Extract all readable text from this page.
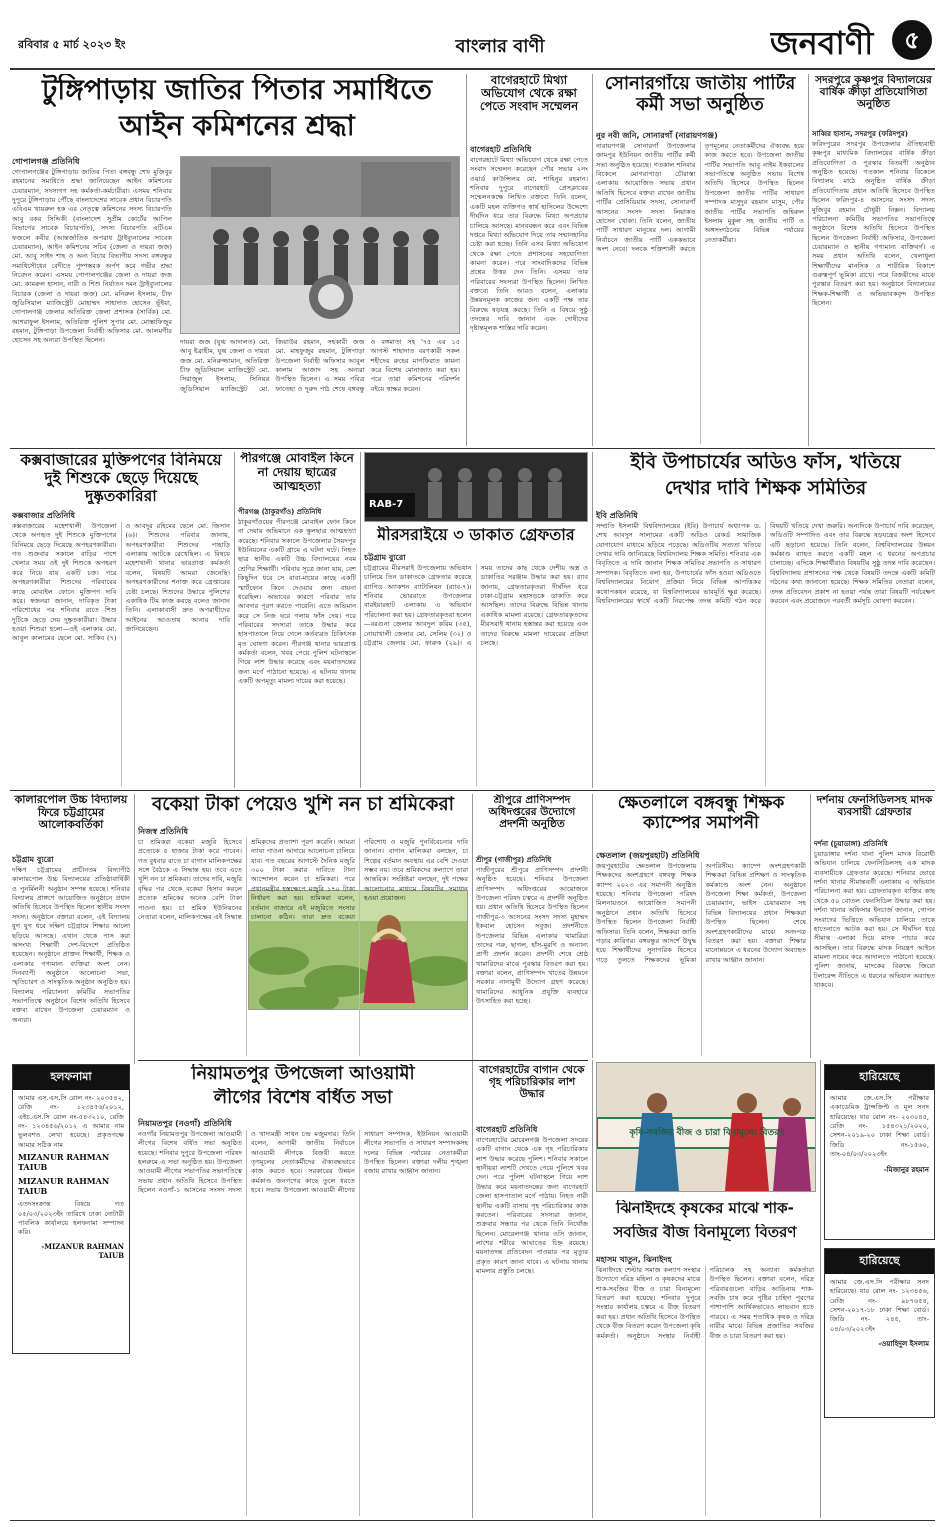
রবিবার ৫ মার্চ ২০২৩ ইং	বাংলার বাণী	জনবাণী	৫
টুঙ্গিপাড়ায় জাতির পিতার সমাধিতে
আইন কমিশনের শ্রদ্ধা
গোপালগঞ্জ প্রতিনিধি
গোপালগঞ্জের টুঙ্গিপাড়ায় জাতির পিতা বঙ্গবন্ধু শেখ মুজিবুর রহমানের সমাধিতে শ্রদ্ধা জানিয়েছেন আইন কমিশনের চেয়ারম্যান, সদস্যগণ সহ কর্মকর্তা-কর্মচারীরা। এসময় শনিবার দুপুরে টুঙ্গিপাড়ায় পৌঁছে বাংলাদেশের সাবেক প্রধান বিচারপতি এবিএম খায়রুল হক এর নেতৃত্বে কমিশনের সদস্য বিচারপতি আবু বকর সিদ্দিকী (বাংলাদেশ সুপ্রীম কোর্টের আপিল বিভাগের সাবেক বিচারপতি), সদস্য বিচারপতি এটিএম ফজলে কবীর (আন্তর্জাতিক অপরাধ ট্রাইব্যুনালের সাবেক চেয়ারম্যান), আইন কমিশনের সচিব (জেলা ও দায়রা জজ) মো. আবু সাইদ শাহ ও অন্য বিচার বিভাগীয় সদস্য বঙ্গবন্ধুর সমাধিসৌধের বেদীতে পুষ্পস্তবক অর্পণ করে গভীর শ্রদ্ধা নিবেদন করেন। এসময় গোপালগঞ্জের জেলা ও দায়রা জজ মো. কামরুল হাসান, নারী ও শিশু নির্যাতন দমন ট্রাইব্যুনালের বিচারক (জেলা ও দায়রা জজ) মো. মনিরুল ইসলাম, চীফ জুডিসিয়াল ম্যাজিস্ট্রেট মোহাম্মদ সাহাদাত হোসেন ভূঁইয়া, গোপালগঞ্জ জেলার অতিরিক্ত জেলা প্রশাসক (সার্বিক) মো. আশরাফুল ইসলাম, অতিরিক্ত পুলিশ সুপার মো. মোস্তাফিজুর রহমান, টুঙ্গিপাড়া উপজেলা নির্বাহী অফিসার মো. আলমগীর হোসেন সহ অন্যরা উপস্থিত ছিলেন।	দায়রা জজ (যুগ্ম আদালত) মো. আবু ইব্রাহীম, যুগ্ম জেলা ও দায়রা জজ মো. মনিরুজ্জামান, অতিরিক্ত চীফ জুডিসিয়াল ম্যাজিস্ট্রেট মো. সিরাজুল ইসলাম, সিনিয়র জুডিসিয়াল ম্যাজিস্ট্রেট মো. জিয়াউর রহমান, সহকারী জজ মো. মাহফুজুর রহমান, টুঙ্গিপাড়া উপজেলা নির্বাহী অফিসার আবুল কালাম আজাদ সহ অন্যরা উপস্থিত ছিলেন। এ সময় পবিত্র ফাতেহা ও দুরুদ পাঠ শেষে বঙ্গবন্ধু ও বঙ্গমাতা সহ '৭৫ এর ১৫ আগস্ট শাহাদাত বরণকারী সকল শহীদের রুহের মাগফিরাত কামনা করে বিশেষ মোনাজাত করা হয়। পরে তারা কমিশনের পরিদর্শন বইয়ে স্বাক্ষর করেন।
বাগেরহাটে মিথ্যা অভিযোগ থেকে রক্ষা পেতে সংবাদ সম্মেলন
বাগেরহাট প্রতিনিধি
বাগেরহাটে মিথ্যা অভিযোগ থেকে রক্ষা পেতে সংবাদ সম্মেলন করেছেন পৌর সভার ২নং ওয়ার্ড কাউন্সিলর মো. শাহিনুর রহমান। শনিবার দুপুরে বাগেরহাট প্রেসক্লাবের সম্মেলনকক্ষে লিখিত বক্তব্যে তিনি বলেন, একটি মহল ব্যক্তিগত স্বার্থ হাসিলের উদ্দেশ্যে দীর্ঘদিন ধরে তার বিরুদ্ধে মিথ্যা অপপ্রচার চালিয়ে আসছে। মানববন্ধন করে এবং বিভিন্ন দপ্তরে মিথ্যা অভিযোগ দিয়ে তার সম্মানহানির চেষ্টা করা হচ্ছে। তিনি এসব মিথ্যা অভিযোগ থেকে রক্ষা পেতে প্রশাসনের সহযোগিতা কামনা করেন। পরে সাংবাদিকদের বিভিন্ন প্রশ্নের উত্তর দেন তিনি। এসময় তার পরিবারের সদস্যরা উপস্থিত ছিলেন। লিখিত বক্তব্যে তিনি আরও বলেন, এলাকার উন্নয়নমূলক কাজের জন্য একটি পক্ষ তার বিরুদ্ধে ষড়যন্ত্র করছে। তিনি এ বিষয়ে সুষ্ঠু তদন্তের দাবি জানান এবং দোষীদের দৃষ্টান্তমূলক শাস্তির দাবি করেন।
সোনারগাঁয়ে জাতীয় পার্টির কর্মী সভা অনুষ্ঠিত
নুর নবী জনি, সোনারগাঁ (নারায়ণগঞ্জ)
নারায়ণগঞ্জ সোনারগাঁ উপজেলার জামপুর ইউনিয়ন জাতীয় পার্টির কর্মী সভা অনুষ্ঠিত হয়েছে। গতকাল শনিবার বিকেলে মোগরাপাড়া চৌরাস্তা এলাকায় আয়োজিত সভায় প্রধান অতিথি হিসেবে বক্তব্য রাখেন জাতীয় পার্টির প্রেসিডিয়াম সদস্য, সোনারগাঁ আসনের সংসদ সদস্য লিয়াকত হোসেন খোকা। তিনি বলেন, জাতীয় পার্টি সাধারণ মানুষের দল। আগামী নির্বাচনে জাতীয় পার্টি এককভাবে অংশ নেবে। দলকে শক্তিশালী করতে তৃণমূলের নেতাকর্মীদের ঐক্যবদ্ধ হয়ে কাজ করতে হবে। উপজেলা জাতীয় পার্টির সভাপতি আবু নাইম ইকবালের সভাপতিত্বে অনুষ্ঠিত সভায় বিশেষ অতিথি হিসেবে উপস্থিত ছিলেন উপজেলা জাতীয় পার্টির সাধারণ সম্পাদক মাসুদুর রহমান মাসুম, পৌর জাতীয় পার্টির সভাপতি জহিরুল ইসলাম মুকুল সহ জাতীয় পার্টি ও অঙ্গসংগঠনের বিভিন্ন পর্যায়ের নেতাকর্মীরা।
সদরপুরে কৃষ্ণপুর বিদ্যালয়ের বার্ষিক ক্রীড়া প্রতিযোগিতা অনুষ্ঠিত
সাব্বির হাসান, সদরপুর (ফরিদপুর)
ফরিদপুরের সদরপুর উপজেলার ঐতিহ্যবাহী কৃষ্ণপুর মাধ্যমিক বিদ্যালয়ের বার্ষিক ক্রীড়া প্রতিযোগিতা ও পুরস্কার বিতরণী অনুষ্ঠান অনুষ্ঠিত হয়েছে। গতকাল শনিবার বিকেলে বিদ্যালয় মাঠে অনুষ্ঠিত বার্ষিক ক্রীড়া প্রতিযোগিতায় প্রধান অতিথি হিসেবে উপস্থিত ছিলেন ফরিদপুর-৪ আসনের সংসদ সদস্য মুজিবুর রহমান চৌধুরী নিক্সন। বিদ্যালয় পরিচালনা কমিটির সভাপতির সভাপতিত্বে অনুষ্ঠানে বিশেষ অতিথি হিসেবে উপস্থিত ছিলেন উপজেলা নির্বাহী অফিসার, উপজেলা চেয়ারম্যান ও স্থানীয় গণ্যমান্য ব্যক্তিবর্গ। এ সময় প্রধান অতিথি বলেন, খেলাধুলা শিক্ষার্থীদের মানসিক ও শারীরিক বিকাশে গুরুত্বপূর্ণ ভূমিকা রাখে। পরে বিজয়ীদের মাঝে পুরস্কার বিতরণ করা হয়। অনুষ্ঠানে বিদ্যালয়ের শিক্ষক-শিক্ষার্থী ও অভিভাবকবৃন্দ উপস্থিত ছিলেন।
কক্সবাজারের মুক্তিপণের বিনিময়ে দুই শিশুকে ছেড়ে দিয়েছে দুষ্কৃতকারিরা
কক্সবাজার প্রতিনিধি
কক্সবাজারের মহেশখালী উপজেলা থেকে অপহৃত দুই শিশুকে মুক্তিপণের বিনিময়ে ছেড়ে দিয়েছে অপহরণকারীরা। গত শুক্রবার সকালে বাড়ির পাশে খেলার সময় ওই দুই শিশুকে অপহরণ করে নিয়ে যায় একটি চক্র। পরে অপহরণকারীরা শিশুদের পরিবারের কাছে মোবাইল ফোনে মুক্তিপণ দাবি করে। স্বজনরা জানান, দাবিকৃত টাকা পরিশোধের পর শনিবার রাতে শিশু দুটিকে ছেড়ে দেয় দুষ্কৃতকারীরা। উদ্ধার হওয়া শিশুরা হলো—ওই এলাকার মো. আবুল কালামের ছেলে মো. সাকিব (৭) ও আবদুর রহিমের ছেলে মো. জিসান (৬)। শিশুদের পরিবার জানায়, অপহরণকারীরা শিশুদের পাহাড়ি এলাকায় আটকে রেখেছিল। এ বিষয়ে মহেশখালী থানার ভারপ্রাপ্ত কর্মকর্তা বলেন, বিষয়টি আমরা জেনেছি। অপহরণকারীদের শনাক্ত করে গ্রেপ্তারের চেষ্টা চলছে। শিশুদের উদ্ধারে পুলিশের একাধিক টিম কাজ করছে বলেও জানান তিনি। এলাকাবাসী দ্রুত অপরাধীদের আইনের আওতায় আনার দাবি জানিয়েছেন।
পীরগঞ্জে মোবাইল কিনে না দেয়ায় ছাত্রের আত্মহত্যা
পীরগঞ্জ (ঠাকুরগাঁও) প্রতিনিধি
ঠাকুরগাঁওয়ের পীরগঞ্জে মোবাইল ফোন কিনে না দেয়ায় অভিমানে এক স্কুলছাত্র আত্মহত্যা করেছে। শনিবার সকালে উপজেলার সৈয়দপুর ইউনিয়নের একটি গ্রামে এ ঘটনা ঘটে। নিহত ছাত্র স্থানীয় একটি উচ্চ বিদ্যালয়ের নবম শ্রেণির শিক্ষার্থী। পরিবার সূত্রে জানা যায়, বেশ কিছুদিন ধরে সে বাবা-মায়ের কাছে একটি স্মার্টফোন কিনে দেওয়ার জন্য বায়না ধরেছিল। অভাবের কারণে পরিবার তার আবদার পূরণ করতে পারেনি। এতে অভিমান করে সে নিজ ঘরে গলায় ফাঁস দেয়। পরে পরিবারের সদস্যরা তাকে উদ্ধার করে হাসপাতালে নিয়ে গেলে কর্তব্যরত চিকিৎসক মৃত ঘোষণা করেন। পীরগঞ্জ থানার ভারপ্রাপ্ত কর্মকর্তা বলেন, খবর পেয়ে পুলিশ ঘটনাস্থলে গিয়ে লাশ উদ্ধার করেছে এবং ময়নাতদন্তের জন্য মর্গে পাঠানো হয়েছে। এ ঘটনায় থানায় একটি অপমৃত্যু মামলা দায়ের করা হয়েছে।
RAB-7
মীরসরাইয়ে ৩ ডাকাত গ্রেফতার
চট্টগ্রাম ব্যুরো
চট্টগ্রামের মীরসরাই উপজেলায় অভিযান চালিয়ে তিন ডাকাতকে গ্রেফতার করেছে র‌্যাপিড অ্যাকশন ব্যাটালিয়ন (র‌্যাব-৭)। শনিবার ভোররাতে উপজেলার বারইয়ারহাট এলাকায় এ অভিযান পরিচালনা করা হয়। গ্রেফতারকৃতরা হলেন—বরগুনা জেলার আবদুল করিম (৩৫), নোয়াখালী জেলার মো. সেলিম (৩২) ও চট্টগ্রাম জেলার মো. ফারুক (২৯)। এ সময় তাদের কাছ থেকে দেশীয় অস্ত্র ও ডাকাতির সরঞ্জাম উদ্ধার করা হয়। র‌্যাব জানায়, গ্রেফতারকৃতরা দীর্ঘদিন ধরে ঢাকা-চট্টগ্রাম মহাসড়কে ডাকাতি করে আসছিল। তাদের বিরুদ্ধে বিভিন্ন থানায় একাধিক মামলা রয়েছে। গ্রেফতারকৃতদের মীরসরাই থানায় হস্তান্তর করা হয়েছে এবং তাদের বিরুদ্ধে মামলা দায়েরের প্রক্রিয়া চলছে।
ইবি উপাচার্যের অডিও ফাঁস, খতিয়ে
দেখার দাবি শিক্ষক সমিতির
ইবি প্রতিনিধি
সম্প্রতি ইসলামী বিশ্ববিদ্যালয়ের (ইবি) উপাচার্য অধ্যাপক ড. শেখ আবদুস সালামের একটি অডিও রেকর্ড সামাজিক যোগাযোগ মাধ্যমে ছড়িয়ে পড়েছে। অডিওটির সত্যতা খতিয়ে দেখার দাবি জানিয়েছে বিশ্ববিদ্যালয় শিক্ষক সমিতি। শনিবার এক বিবৃতিতে এ দাবি জানান শিক্ষক সমিতির সভাপতি ও সাধারণ সম্পাদক। বিবৃতিতে বলা হয়, উপাচার্যের ফাঁস হওয়া অডিওতে বিশ্ববিদ্যালয়ের নিয়োগ প্রক্রিয়া নিয়ে বিভিন্ন আপত্তিকর কথোপকথন রয়েছে, যা বিশ্ববিদ্যালয়ের ভাবমূর্তি ক্ষুণ্ণ করেছে। বিশ্ববিদ্যালয়ের স্বার্থে একটি নিরপেক্ষ তদন্ত কমিটি গঠন করে বিষয়টি খতিয়ে দেখা জরুরি। অন্যদিকে উপাচার্য দাবি করেছেন, অডিওটি সম্পাদিত এবং তার বিরুদ্ধে ষড়যন্ত্রের অংশ হিসেবে এটি ছড়ানো হয়েছে। তিনি বলেন, বিশ্ববিদ্যালয়ের উন্নয়ন কর্মকাণ্ড ব্যাহত করতে একটি মহল এ ধরনের অপপ্রচার চালাচ্ছে। এদিকে শিক্ষার্থীরাও বিষয়টির সুষ্ঠু তদন্ত দাবি করেছেন। বিশ্ববিদ্যালয় প্রশাসনের পক্ষ থেকে বিষয়টি তদন্তে একটি কমিটি গঠনের কথা জানানো হয়েছে। শিক্ষক সমিতির নেতারা বলেন, তদন্ত প্রতিবেদন প্রকাশ না হওয়া পর্যন্ত তারা বিষয়টি পর্যবেক্ষণ করবেন এবং প্রয়োজনে পরবর্তী কর্মসূচি ঘোষণা করবেন।
কালারপোল উচ্চ বিদ্যালয় ফিরে চট্টগ্রামের আলোকবর্তিকা
চট্টগ্রাম ব্যুরো
দক্ষিণ চট্টগ্রামের প্রাচীনতম বিদ্যাপীঠ কালারপোল উচ্চ বিদ্যালয়ের প্রতিষ্ঠাবার্ষিকী ও পুনর্মিলনী অনুষ্ঠান সম্পন্ন হয়েছে। শনিবার বিদ্যালয় প্রাঙ্গণে আয়োজিত অনুষ্ঠানে প্রধান অতিথি হিসেবে উপস্থিত ছিলেন স্থানীয় সংসদ সদস্য। অনুষ্ঠানে বক্তারা বলেন, এই বিদ্যালয় যুগ যুগ ধরে দক্ষিণ চট্টগ্রামে শিক্ষার আলো ছড়িয়ে আসছে। এখান থেকে পাস করা অসংখ্য শিক্ষার্থী দেশ-বিদেশে প্রতিষ্ঠিত হয়েছেন। অনুষ্ঠানে প্রাক্তন শিক্ষার্থী, শিক্ষক ও এলাকার গণ্যমান্য ব্যক্তিরা অংশ নেন। দিনব্যাপী অনুষ্ঠানে আলোচনা সভা, স্মৃতিচারণ ও সাংস্কৃতিক অনুষ্ঠান অনুষ্ঠিত হয়। বিদ্যালয় পরিচালনা কমিটির সভাপতির সভাপতিত্বে অনুষ্ঠানে বিশেষ অতিথি হিসেবে বক্তব্য রাখেন উপজেলা চেয়ারম্যান ও অন্যরা।
বকেয়া টাকা পেয়েও খুশি নন চা শ্রমিকেরা
নিজস্ব প্রতিনিধি
চা শ্রমিকরা বকেয়া মজুরি হিসেবে প্রত্যেকে ৫ হাজার টাকা করে পাবেন। গত বুধবার রাতে চা বাগান মালিকপক্ষের সঙ্গে বৈঠকে এ সিদ্ধান্ত হয়। তবে এতে খুশি নন চা শ্রমিকরা। তাদের দাবি, মজুরি বৃদ্ধির পর থেকে বকেয়া হিসাব করলে প্রত্যেক শ্রমিকের অনেক বেশি টাকা পাওনা হয়। চা শ্রমিক ইউনিয়নের নেতারা বলেন, মালিকপক্ষের এই সিদ্ধান্ত শ্রমিকদের প্রত্যাশা পূরণ করেনি। আমরা ন্যায্য পাওনা আদায়ে আলোচনা চালিয়ে যাব। গত বছরের আগস্টে দৈনিক মজুরি ৩০০ টাকা করার দাবিতে টানা আন্দোলন করেন চা শ্রমিকরা। পরে প্রধানমন্ত্রীর হস্তক্ষেপে মজুরি ১৭০ টাকা নির্ধারণ করা হয়। শ্রমিকরা বলেন, বর্তমান বাজারে এই মজুরিতে সংসার চালানো কঠিন। তারা দ্রুত বকেয়া পরিশোধ ও মজুরি পুনর্বিবেচনার দাবি জানান। বাগান মালিকরা বলছেন, চা শিল্পের বর্তমান অবস্থায় এর বেশি দেওয়া সম্ভব নয়। তবে শ্রমিকদের কল্যাণে তারা আন্তরিক। সংশ্লিষ্টরা বলছেন, দুই পক্ষের আলোচনার মাধ্যমে বিষয়টির সমাধান হওয়া প্রয়োজন।
শ্রীপুরে প্রাণিসম্পদ অধিদপ্তরের উদ্যোগে প্রদর্শনী অনুষ্ঠিত
শ্রীপুর (গাজীপুর) প্রতিনিধি
গাজীপুরের শ্রীপুরে প্রাণিসম্পদ প্রদর্শনী অনুষ্ঠিত হয়েছে। শনিবার উপজেলা প্রাণিসম্পদ অধিদপ্তরের আয়োজনে উপজেলা পরিষদ চত্বরে এ প্রদর্শনী অনুষ্ঠিত হয়। প্রধান অতিথি হিসেবে উপস্থিত ছিলেন গাজীপুর-৩ আসনের সংসদ সদস্য মুহাম্মদ ইকবাল হোসেন সবুজ। প্রদর্শনীতে উপজেলার বিভিন্ন এলাকার খামারিরা তাদের গরু, ছাগল, হাঁস-মুরগি ও অন্যান্য প্রাণী প্রদর্শন করেন। প্রদর্শনী শেষে শ্রেষ্ঠ খামারিদের মাঝে পুরস্কার বিতরণ করা হয়। বক্তারা বলেন, প্রাণিসম্পদ খাতের উন্নয়নে সরকার নানামুখী উদ্যোগ গ্রহণ করেছে। খামারিদের আধুনিক প্রযুক্তি ব্যবহারে উৎসাহিত করা হচ্ছে।
ক্ষেতলালে বঙ্গবন্ধু শিক্ষক ক্যাম্পের সমাপনী
ক্ষেতলাল (জয়পুরহাট) প্রতিনিধি
জয়পুরহাটের ক্ষেতলাল উপজেলায় শিক্ষকদের অংশগ্রহণে বঙ্গবন্ধু শিক্ষক ক্যাম্প ২০২৩ এর সমাপনী অনুষ্ঠিত হয়েছে। শনিবার উপজেলা পরিষদ মিলনায়তনে আয়োজিত সমাপনী অনুষ্ঠানে প্রধান অতিথি হিসেবে উপস্থিত ছিলেন উপজেলা নির্বাহী অফিসার। তিনি বলেন, শিক্ষকরা জাতি গড়ার কারিগর। বঙ্গবন্ধুর আদর্শে উদ্বুদ্ধ হয়ে শিক্ষার্থীদের সুনাগরিক হিসেবে গড়ে তুলতে শিক্ষকদের ভূমিকা অপরিসীম। ক্যাম্পে অংশগ্রহণকারী শিক্ষকরা বিভিন্ন প্রশিক্ষণ ও সাংস্কৃতিক কর্মকাণ্ডে অংশ নেন। অনুষ্ঠানে উপজেলা শিক্ষা কর্মকর্তা, উপজেলা চেয়ারম্যান, ভাইস চেয়ারম্যান সহ বিভিন্ন বিদ্যালয়ের প্রধান শিক্ষকরা উপস্থিত ছিলেন। শেষে অংশগ্রহণকারীদের মাঝে সনদপত্র বিতরণ করা হয়। বক্তারা শিক্ষার মানোন্নয়নে এ ধরনের উদ্যোগ অব্যাহত রাখার আহ্বান জানান।
দর্শনায় ফেনসিডিলসহ মাদক ব্যবসায়ী গ্রেফতার
দর্শনা (চুয়াডাঙ্গা) প্রতিনিধি
চুয়াডাঙ্গার দর্শনা থানা পুলিশ মাদক বিরোধী অভিযান চালিয়ে ফেনসিডিলসহ এক মাদক ব্যবসায়ীকে গ্রেফতার করেছে। শনিবার ভোরে দর্শনা থানার সীমান্তবর্তী এলাকায় এ অভিযান পরিচালনা করা হয়। গ্রেফতারকৃত ব্যক্তির কাছ থেকে ৫০ বোতল ফেনসিডিল উদ্ধার করা হয়। দর্শনা থানার অফিসার ইনচার্জ জানান, গোপন সংবাদের ভিত্তিতে অভিযান চালিয়ে তাকে হাতেনাতে আটক করা হয়। সে দীর্ঘদিন ধরে সীমান্ত এলাকা দিয়ে মাদক পাচার করে আসছিল। তার বিরুদ্ধে মাদক নিয়ন্ত্রণ আইনে মামলা দায়ের করে আদালতে পাঠানো হয়েছে। পুলিশ জানায়, মাদকের বিরুদ্ধে জিরো টলারেন্স নীতিতে এ ধরনের অভিযান অব্যাহত থাকবে।
হলফনামা
আমার এস.এস.সি রোল নং- ২০৩৫৪২, রেজি নং- ১২৩৪৫৬/২০১২, এইচ.এস.সি রোল নং-৫৪৩২১০, রেজি নং- ১২৩৪৫৬/২০১২ এ আমার নাম ভুলবশত লেখা হয়েছে। প্রকৃতপক্ষে আমার সঠিক নাম
MIZANUR RAHMAN TAIUB
MIZANUR RAHMAN TAIUB
এতদসংক্রান্ত বিষয়ে গত ০৫/০৩/২০২৩ইং তারিখে ঢাকা নোটারী পাবলিক কার্যালয়ে হলফনামা সম্পাদন করি।
-MIZANUR RAHMAN TAIUB
নিয়ামতপুর উপজেলা আওয়ামী
লীগের বিশেষ বর্ধিত সভা
নিয়ামতপুর (নওগাঁ) প্রতিনিধি
নওগাঁর নিয়ামতপুর উপজেলা আওয়ামী লীগের বিশেষ বর্ধিত সভা অনুষ্ঠিত হয়েছে। শনিবার দুপুরে উপজেলা পরিষদ হলরুমে এ সভা অনুষ্ঠিত হয়। উপজেলা আওয়ামী লীগের সভাপতির সভাপতিত্বে সভায় প্রধান অতিথি হিসেবে উপস্থিত ছিলেন নওগাঁ-১ আসনের সংসদ সদস্য ও খাদ্যমন্ত্রী সাধন চন্দ্র মজুমদার। তিনি বলেন, আগামী জাতীয় নির্বাচনে আওয়ামী লীগকে বিজয়ী করতে তৃণমূলের নেতাকর্মীদের ঐক্যবদ্ধভাবে কাজ করতে হবে। সরকারের উন্নয়ন কর্মকাণ্ড জনগণের কাছে তুলে ধরতে হবে। সভায় উপজেলা আওয়ামী লীগের সাধারণ সম্পাদক, ইউনিয়ন আওয়ামী লীগের সভাপতি ও সাধারণ সম্পাদকসহ দলের বিভিন্ন পর্যায়ের নেতাকর্মীরা উপস্থিত ছিলেন। বক্তারা দলীয় শৃঙ্খলা বজায় রাখার আহ্বান জানান।
বাগেরহাটের বাগান থেকে গৃহ পরিচারিকার লাশ উদ্ধার
বাগেরহাট প্রতিনিধি
বাগেরহাটের মোরেলগঞ্জ উপজেলা সদরের একটি বাগান থেকে এক গৃহ পরিচারিকার লাশ উদ্ধার করেছে পুলিশ। শনিবার সকালে স্থানীয়রা লাশটি দেখতে পেয়ে পুলিশে খবর দেন। পরে পুলিশ ঘটনাস্থলে গিয়ে লাশ উদ্ধার করে ময়নাতদন্তের জন্য বাগেরহাট জেলা হাসপাতাল মর্গে পাঠায়। নিহত নারী স্থানীয় একটি বাসায় গৃহ পরিচারিকার কাজ করতেন। পরিবারের সদস্যরা জানান, শুক্রবার সন্ধ্যার পর থেকে তিনি নিখোঁজ ছিলেন। মোরেলগঞ্জ থানার ওসি জানান, লাশের শরীরে আঘাতের চিহ্ন রয়েছে। ময়নাতদন্ত প্রতিবেদন পাওয়ার পর মৃত্যুর প্রকৃত কারণ জানা যাবে। এ ঘটনায় থানায় মামলার প্রস্তুতি চলছে।
কৃষি-সবজির বীজ ও চারা বিনামূল্যে বিতরণ
ঝিনাইদহে কৃষকের মাঝে শাক-
সবজির বীজ বিনামূল্যে বিতরণ
মহাসম খাতুন, ঝিনাইদহ
ঝিনাইদহে শেল্টার সমাজ কল্যাণ সংস্থার উদ্যোগে দরিদ্র মহিলা ও কৃষকদের মাঝে শাক-সবজির বীজ ও চারা বিনামূল্যে বিতরণ করা হয়েছে। শনিবার দুপুরে সংস্থার কার্যালয় চত্বরে এ বীজ বিতরণ করা হয়। প্রধান অতিথি হিসেবে উপস্থিত থেকে বীজ বিতরণ করেন উপজেলা কৃষি কর্মকর্তা। অনুষ্ঠানে সংস্থার নির্বাহী পরিচালক সহ অন্যান্য কর্মকর্তারা উপস্থিত ছিলেন। বক্তারা বলেন, দরিদ্র পরিবারগুলো বাড়ির আঙিনায় শাক-সবজি চাষ করে পুষ্টির চাহিদা পূরণের পাশাপাশি আর্থিকভাবেও লাভবান হতে পারবে। এ সময় শতাধিক কৃষক ও দরিদ্র নারীর মাঝে বিভিন্ন প্রজাতির সবজির বীজ ও চারা বিতরণ করা হয়।
হারিয়েছে
আমার জে.এস.সি পরীক্ষার একাডেমিক ট্রান্সক্রিপ্ট ও মূল সনদ হারিয়েছে। যার রোল নং- ২০৩০৪৫, রেজি নং- ১৫৪৩২১/২০২০, সেশন-২০১৯-২০ ঢাকা শিক্ষা বোর্ড। জিডি নং-১৫৬০, তাং-০৪/০৩/২০২৩ইং
-মিজানুর রহমান
হারিয়েছে
আমার জে.এস.সি পরীক্ষার সনদ হারিয়েছে। যার রোল নং- ১২৩৪৫৬, রেজি নং- ৯৮৭৬৫৪, সেশন-২০১৭-১৮ ঢাকা শিক্ষা বোর্ড। জিডি নং- ২৪৫, তাং- ০৪/০৩/২০২৩ইং
-ওয়াহিদুল ইসলাম
